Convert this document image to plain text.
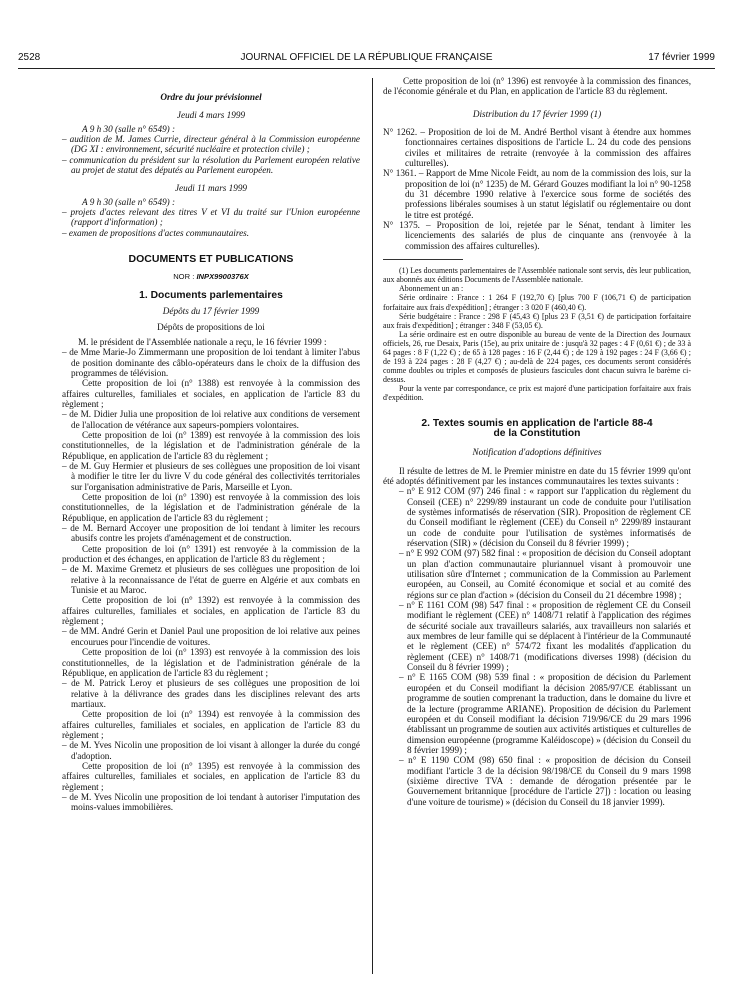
2528	JOURNAL OFFICIEL DE LA RÉPUBLIQUE FRANÇAISE	17 février 1999

Ordre du jour prévisionnel

Jeudi 4 mars 1999

A 9 h 30 (salle n° 6549) :

– audition de M. James Currie, directeur général à la Commission européenne (DG XI : environnement, sécurité nucléaire et protection civile) ;

– communication du président sur la résolution du Parlement européen relative au projet de statut des députés au Parlement européen.

Jeudi 11 mars 1999

A 9 h 30 (salle n° 6549) :

– projets d'actes relevant des titres V et VI du traité sur l'Union européenne (rapport d'information) ;

– examen de propositions d'actes communautaires.

DOCUMENTS ET PUBLICATIONS

NOR : INPX9900376X

1. Documents parlementaires

Dépôts du 17 février 1999

Dépôts de propositions de loi

M. le président de l'Assemblée nationale a reçu, le 16 février 1999 :

– de Mme Marie-Jo Zimmermann une proposition de loi tendant à limiter l'abus de position dominante des câblo-opérateurs dans le choix de la diffusion des programmes de télévision.

Cette proposition de loi (n° 1388) est renvoyée à la commission des affaires culturelles, familiales et sociales, en application de l'article 83 du règlement ;

– de M. Didier Julia une proposition de loi relative aux conditions de versement de l'allocation de vétérance aux sapeurs-pompiers volontaires.

Cette proposition de loi (n° 1389) est renvoyée à la commission des lois constitutionnelles, de la législation et de l'administration générale de la République, en application de l'article 83 du règlement ;

– de M. Guy Hermier et plusieurs de ses collègues une proposition de loi visant à modifier le titre Ier du livre V du code général des collectivités territoriales sur l'organisation administrative de Paris, Marseille et Lyon.

Cette proposition de loi (n° 1390) est renvoyée à la commission des lois constitutionnelles, de la législation et de l'administration générale de la République, en application de l'article 83 du règlement ;

– de M. Bernard Accoyer une proposition de loi tendant à limiter les recours abusifs contre les projets d'aménagement et de construction.

Cette proposition de loi (n° 1391) est renvoyée à la commission de la production et des échanges, en application de l'article 83 du règlement ;

– de M. Maxime Gremetz et plusieurs de ses collègues une proposition de loi relative à la reconnaissance de l'état de guerre en Algérie et aux combats en Tunisie et au Maroc.

Cette proposition de loi (n° 1392) est renvoyée à la commission des affaires culturelles, familiales et sociales, en application de l'article 83 du règlement ;

– de MM. André Gerin et Daniel Paul une proposition de loi relative aux peines encourues pour l'incendie de voitures.

Cette proposition de loi (n° 1393) est renvoyée à la commission des lois constitutionnelles, de la législation et de l'administration générale de la République, en application de l'article 83 du règlement ;

– de M. Patrick Leroy et plusieurs de ses collègues une proposition de loi relative à la délivrance des grades dans les disciplines relevant des arts martiaux.

Cette proposition de loi (n° 1394) est renvoyée à la commission des affaires culturelles, familiales et sociales, en application de l'article 83 du règlement ;

– de M. Yves Nicolin une proposition de loi visant à allonger la durée du congé d'adoption.

Cette proposition de loi (n° 1395) est renvoyée à la commission des affaires culturelles, familiales et sociales, en application de l'article 83 du règlement ;

– de M. Yves Nicolin une proposition de loi tendant à autoriser l'imputation des moins-values immobilières.

Cette proposition de loi (n° 1396) est renvoyée à la commission des finances, de l'économie générale et du Plan, en application de l'article 83 du règlement.

Distribution du 17 février 1999 (1)

N° 1262. – Proposition de loi de M. André Berthol visant à étendre aux hommes fonctionnaires certaines dispositions de l'article L. 24 du code des pensions civiles et militaires de retraite (renvoyée à la commission des affaires culturelles).

N° 1361. – Rapport de Mme Nicole Feidt, au nom de la commission des lois, sur la proposition de loi (n° 1235) de M. Gérard Gouzes modifiant la loi n° 90-1258 du 31 décembre 1990 relative à l'exercice sous forme de sociétés des professions libérales soumises à un statut législatif ou réglementaire ou dont le titre est protégé.

N° 1375. – Proposition de loi, rejetée par le Sénat, tendant à limiter les licenciements des salariés de plus de cinquante ans (renvoyée à la commission des affaires culturelles).

(1) Les documents parlementaires de l'Assemblée nationale sont servis, dès leur publication, aux abonnés aux éditions Documents de l'Assemblée nationale.

Abonnement un an :

Série ordinaire : France : 1 264 F (192,70 €) [plus 700 F (106,71 €) de participation forfaitaire aux frais d'expédition] ; étranger : 3 020 F (460,40 €).

Série budgétaire : France : 298 F (45,43 €) [plus 23 F (3,51 €) de participation forfaitaire aux frais d'expédition] ; étranger : 348 F (53,05 €).

La série ordinaire est en outre disponible au bureau de vente de la Direction des Journaux officiels, 26, rue Desaix, Paris (15e), au prix unitaire de : jusqu'à 32 pages : 4 F (0,61 €) ; de 33 à 64 pages : 8 F (1,22 €) ; de 65 à 128 pages : 16 F (2,44 €) ; de 129 à 192 pages : 24 F (3,66 €) ; de 193 à 224 pages : 28 F (4,27 €) ; au-delà de 224 pages, ces documents seront considérés comme doubles ou triples et composés de plusieurs fascicules dont chacun suivra le barème ci-dessus.

Pour la vente par correspondance, ce prix est majoré d'une participation forfaitaire aux frais d'expédition.

2. Textes soumis en application de l'article 88-4
de la Constitution

Notification d'adoptions définitives

Il résulte de lettres de M. le Premier ministre en date du 15 février 1999 qu'ont été adoptés définitivement par les instances communautaires les textes suivants :

– n° E 912 COM (97) 246 final : « rapport sur l'application du règlement du Conseil (CEE) n° 2299/89 instaurant un code de conduite pour l'utilisation de systèmes informatisés de réservation (SIR). Proposition de règlement CE du Conseil modifiant le règlement (CEE) du Conseil n° 2299/89 instaurant un code de conduite pour l'utilisation de systèmes informatisés de réservation (SIR) » (décision du Conseil du 8 février 1999) ;

– n° E 992 COM (97) 582 final : « proposition de décision du Conseil adoptant un plan d'action communautaire pluriannuel visant à promouvoir une utilisation sûre d'Internet ; communication de la Commission au Parlement européen, au Conseil, au Comité économique et social et au comité des régions sur ce plan d'action » (décision du Conseil du 21 décembre 1998) ;

– n° E 1161 COM (98) 547 final : « proposition de règlement CE du Conseil modifiant le règlement (CEE) n° 1408/71 relatif à l'application des régimes de sécurité sociale aux travailleurs salariés, aux travailleurs non salariés et aux membres de leur famille qui se déplacent à l'intérieur de la Communauté et le règlement (CEE) n° 574/72 fixant les modalités d'application du règlement (CEE) n° 1408/71 (modifications diverses 1998) (décision du Conseil du 8 février 1999) ;

– n° E 1165 COM (98) 539 final : « proposition de décision du Parlement européen et du Conseil modifiant la décision 2085/97/CE établissant un programme de soutien comprenant la traduction, dans le domaine du livre et de la lecture (programme ARIANE). Proposition de décision du Parlement européen et du Conseil modifiant la décision 719/96/CE du 29 mars 1996 établissant un programme de soutien aux activités artistiques et culturelles de dimension européenne (programme Kaléidoscope) » (décision du Conseil du 8 février 1999) ;

– n° E 1190 COM (98) 650 final : « proposition de décision du Conseil modifiant l'article 3 de la décision 98/198/CE du Conseil du 9 mars 1998 (sixième directive TVA : demande de dérogation présentée par le Gouvernement britannique [procédure de l'article 27]) : location ou leasing d'une voiture de tourisme) » (décision du Conseil du 18 janvier 1999).
